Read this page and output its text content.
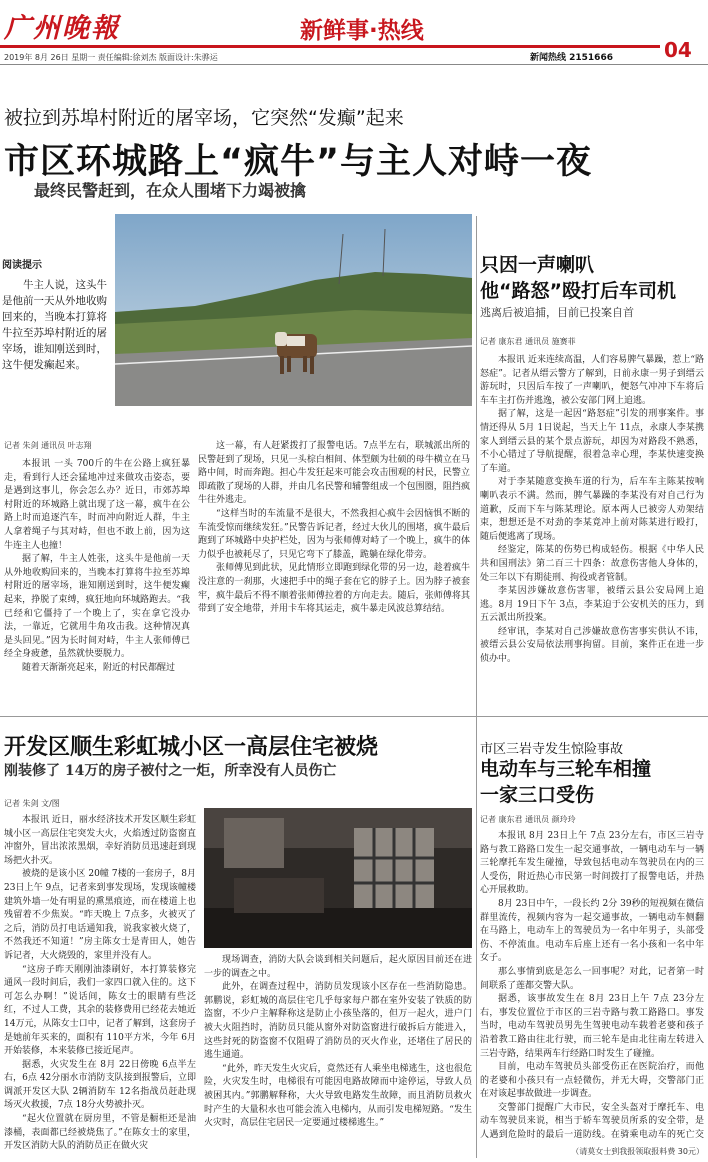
广州晚報	新鲜事·热线
04
2019年 8月 26日 星期一 责任编辑:徐刘杰 版面设计:朱骅运	新闻热线 2151666
被拉到苏埠村附近的屠宰场，它突然“发癫”起来
市区环城路上“疯牛”与主人对峙一夜
最终民警赶到，在众人围堵下力竭被擒
阅读提示
牛主人说，这头牛是他前一天从外地收购回来的，当晚本打算将牛拉至苏埠村附近的屠宰场，谁知刚送到时，这牛便发癫起来。
记者 朱剑 通讯员 叶志翔

本报讯 一头 700斤的牛在公路上疯狂暴走，看到行人还会猛地冲过来做攻击姿态，要是遇到这事儿，你会怎么办？近日，市郊苏埠村附近的环城路上就出现了这一幕，疯牛在公路上时而追逐汽车，时而冲向附近人群，牛主人拿着绳子与其对峙，但也不敢上前，因为这牛连主人也撞！

据了解，牛主人姓张，这头牛是他前一天从外地收购回来的，当晚本打算将牛拉至苏埠村附近的屠宰场，谁知刚送到时，这牛便发癫起来，挣脱了束缚，疯狂地向环城路跑去。“我已经和它僵持了一个晚上了，实在拿它没办法，一靠近，它就用牛角攻击我。这种情况真是头回见。”因为长时间对峙，牛主人张师傅已经全身疲惫，虽然就快要脱力。

随着天渐渐亮起来，附近的村民都醒过

这一幕，有人赶紧拨打了报警电话。7点半左右，联城派出所的民警赶到了现场，只见一头棕白相间、体型颇为壮硕的母牛横立在马路中间，时而奔跑。担心牛发狂起来可能会攻击围观的村民，民警立即疏散了现场的人群，并由几名民警和辅警组成一个包围圈，阻挡疯牛往外逃走。

“这样当时的车流量不是很大，不然我担心疯牛会因恼惧不断的车流受惊而继续发狂。”民警告诉记者，经过大伙儿的围堵，疯牛最后跑到了环城路中央护栏处，因为与张师傅对峙了一个晚上，疯牛的体力似乎也被耗尽了，只见它弯下了膝盖，跪躺在绿化带旁。

张师傅见到此状，见此情形立即跑到绿化带的另一边，趁着疯牛没注意的一刹那，火速把手中的绳子套在它的脖子上。因为脖子被套牢，疯牛最后不得不顺着张师傅拉着的方向走去。随后，张师傅将其带到了安全地带，并用卡车将其运走，疯牛暴走风波总算结结。

只因一声喇叭
他“路怒”殴打后车司机
逃离后被追捕，目前已投案自首
记者 康东君 通讯员 施赛菲

本报讯 近来连续高温，人们容易脾气暴躁，惹上“路怒症”。记者从缙云警方了解到，日前永康一男子到缙云游玩时，只因后车按了一声喇叭，便怒气冲冲下车将后车车主打伤并逃逸，被公安部门网上追逃。

据了解，这是一起因“路怒症”引发的刑事案件。事情还得从 5月 1日说起，当天上午 11点，永康人李某携家人到缙云县的某个景点游玩，却因为对路段不熟悉，不小心错过了导航提醒，很着急幸心理，李某快速变换了车道。

对于李某随意变换车道的行为，后车车主陈某按响喇叭表示不满。然而，脾气暴躁的李某没有对自己行为道歉，反而下车与陈某理论。原本两人已被旁人劝架结束，想想还是不对劲的李某竟冲上前对陈某进行殴打，随后便逃离了现场。

经鉴定，陈某的伤势已构成轻伤。根据《中华人民共和国刑法》第二百三十四条：故意伤害他人身体的，处三年以下有期徒刑、拘役或者管制。

李某因涉嫌故意伤害罪，被缙云县公安局网上追逃。8月 19日下午 3点，李某迫于公安机关的压力，到五云派出所投案。

经审讯，李某对自己涉嫌故意伤害事实供认不讳，被缙云县公安局依法刑事拘留。目前，案件正在进一步侦办中。

市区三岩寺发生惊险事故
电动车与三轮车相撞
一家三口受伤
记者 康东君 通讯员 颜玲玲

本报讯 8月 23日上午 7点 23分左右，市区三岩寺路与教工路路口发生一起交通事故，一辆电动车与一辆三轮摩托车发生碰撞，导致包括电动车驾驶员在内的三人受伤，附近热心市民第一时间拨打了报警电话，并热心开展救助。

8月 23日中午，一段长约 2分 39秒的短视频在微信群里流传，视频内容为一起交通事故，一辆电动车侧翻在马路上，电动车上的驾驶员为一名中年男子，头部受伤、不停流血。电动车后座上还有一名小孩和一名中年女子。

那么事情到底是怎么一回事呢？对此，记者第一时间联系了莲都交警大队。

据悉，该事故发生在 8月 23日上午 7点 23分左右，事发位置位于市区的三岩寺路与教工路路口。事发当时，电动车驾驶员男先生驾驶电动车载着老婆和孩子沿着教工路由往北行驶，而三轮车是由北往南左转进入三岩寺路，结果两车行经路口时发生了碰撞。

目前，电动车驾驶员头部受伤正在医院治疗，而他的老婆和小孩只有一点轻微伤，并无大碍，交警部门正在对该起事故做进一步调查。

交警部门提醒广大市民，安全头盔对于摩托车、电动车驾驶员来说，相当于轿车驾驶员所系的安全带，是人遇到危险时的最后一道防线。在骑乘电动车的死亡交

（请莫女士到我报领取报料费 30元）
开发区顺生彩虹城小区一高层住宅被烧
刚装修了 14万的房子被付之一炬，所幸没有人员伤亡
记者 朱剑 文/图

本报讯 近日，丽水经济技术开发区顺生彩虹城小区一高层住宅突发大火，火焰透过防盗窗直冲窗外，冒出浓浓黑烟，幸好消防员迅速赶到现场把火扑灭。

被烧的是该小区 20幢 7楼的一套房子，8月 23日上午 9点，记者来到事发现场，发现该幢楼建筑外墙一处有明显的熏黑痕迹，而在楼道上也残留着不少焦炭。“昨天晚上 7点多，火被灭了之后，消防员打电话通知我，说我家被火烧了，不然我还不知道！”房主陈女士是青田人，她告诉记者，大火烧毁的，家里并没有人。

“这房子昨天刚刚油漆刷好，本打算装修完通风一段时间后，我们一家四口就入住的。这下可怎么办啊！”说话间，陈女士的眼睛有些泛红，不过人工费，其余的装修费用已经花去她近 14万元，从陈女士口中，记者了解到，这套房子是她前年买来的，面积有 110平方米，今年 6月开始装修，本来装修已接近尾声。

据悉，火灾发生在 8月 22日傍晚 6点半左右，6点 42分丽水市消防支队接到报警后，立即调派开发区大队 2辆消防车 12名指战员赶赴现场灭火救援，7点 18分火势被扑灭。

“起火位置就在厨房里，不管是橱柜还是油漆桶，表面都已经被烧焦了。”在陈女士的家里，开发区消防大队的消防员正在做火灾

现场调查，消防大队会谈到相关问题后，起火原因目前还在进一步的调查之中。

此外，在调查过程中，消防员发现该小区存在一些消防隐患。郭鹏说，彩虹城的高层住宅几乎每家每户都在室外安装了铁质的防盗窗，不少户主解释称这是防止小孩坠落的，但万一起火，进户门被大火阻挡时，消防员只能从窗外对防盗窗进行破拆后方能进入，这些封死的防盗窗不仅阻碍了消防员的灭火作业，还堵住了居民的逃生通道。

“此外，昨天发生火灾后，竟然还有人乘坐电梯逃生，这也很危险，火灾发生时，电梯很有可能因电路故障而中途停运，导致人员被困其内。”郭鹏解释称，大火导致电路发生故障，而且消防员救火时产生的大量积水也可能会流入电梯内，从而引发电梯短路。“发生火灾时，高层住宅居民一定要通过楼梯逃生。”
